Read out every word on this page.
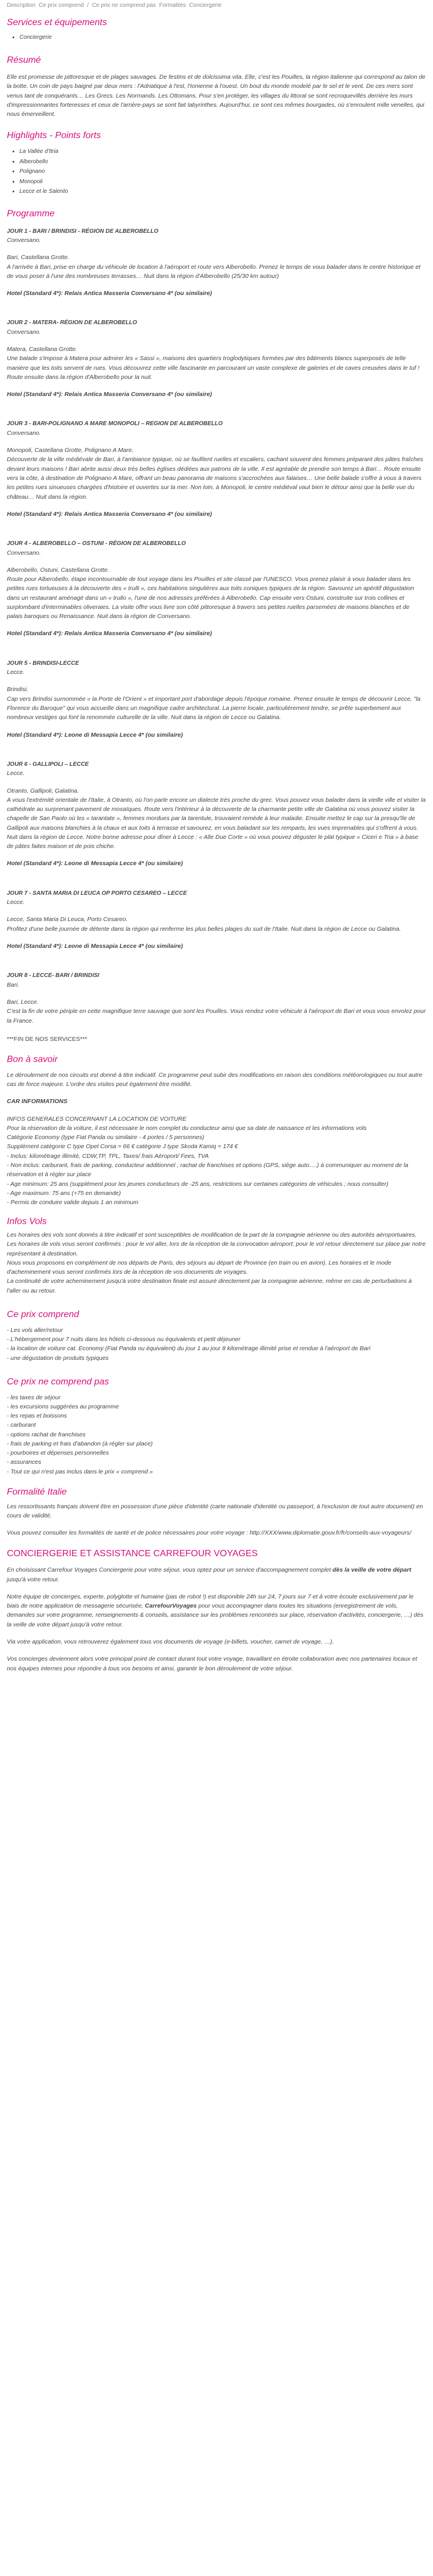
Description Ce prix comprend / Ce prix ne comprend pas Formalités Conciergerie
Services et équipements
• Conciergerie
Résumé

Elle est promesse de pittoresque et de plages sauvages. De festins et de dolcissima vita. Elle, c'est les Pouilles, la région italienne qui correspond au talon de la botte. Un coin de pays baigné par deux mers : l'Adriatique à l'est, l'Ionienne à l'ouest. Un bout du monde modelé par le sel et le vent. De ces mers sont venus tant de conquérants… Les Grecs. Les Normands. Les Ottomans. Pour s'en protéger, les villages du littoral se sont recroquevillés derrière les murs d'impressionnantes forteresses et ceux de l'arrière-pays se sont fait labyrinthes. Aujourd'hui, ce sont ces mêmes bourgades, où s'enroulent mille venelles, qui nous émerveillent.

Highlights - Points forts
• La Vallée d'Itria
• Alberobello
• Polignano
• Monopoli
• Lecce et le Salento
Programme
JOUR 1 - BARI / BRINDISI - RÉGION DE ALBEROBELLO

Conversano.

Bari, Castellana Grotte.

A l'arrivée à Bari, prise en charge du véhicule de location à l'aéroport et route vers Alberobello. Prenez le temps de vous balader dans le centre historique et de vous poser à l'une des nombreuses terrasses… Nuit dans la région d'Alberobello (25/30 km autour)

Hotel (Standard 4*): Relais Antica Masseria Conversano 4* (ou similaire)

JOUR 2 - MATERA- RÉGION DE ALBEROBELLO

Conversano.

Matera, Castellana Grotte.

Une balade s'impose à Matera pour admirer les « Sassi », maisons des quartiers troglodytiques formées par des bâtiments blancs superposés de telle manière que les toits servent de rues. Vous découvrez cette ville fascinante en parcourant un vaste complexe de galeries et de caves creusées dans le tuf ! Route ensuite dans la région d'Alberobello pour la nuit.

Hotel (Standard 4*): Relais Antica Masseria Conversano 4* (ou similaire)

JOUR 3 - BARI-POLIGNANO A MARE MONOPOLI – REGION DE ALBEROBELLO

Conversano.

Monopoli, Castellana Grotte, Polignano A Mare.

Découverte de la ville médiévale de Bari, à l'ambiance typique, où se faufilent ruelles et escaliers, cachant souvent des femmes préparant des pâtes fraîches devant leurs maisons ! Bari abrite aussi deux très belles églises dédiées aux patrons de la ville. Il est agréable de prendre son temps à Bari… Route ensuite vers la côte, à destination de Polignano A Mare, offrant un beau panorama de maisons s'accrochées aux falaises… Une belle balade s'offre à vous à travers les petites rues sinueuses chargées d'histoire et ouvertes sur la mer. Non loin, à Monopoli, le centre médiéval vaut bien le détour ainsi que la belle vue du château… Nuit dans la région.

Hotel (Standard 4*): Relais Antica Masseria Conversano 4* (ou similaire)

JOUR 4 - ALBEROBELLO – OSTUNI - RÉGION DE ALBEROBELLO

Conversano.

Alberobello, Ostuni, Castellana Grotte.

Route pour Alberobello, étape incontournable de tout voyage dans les Pouilles et site classé par l'UNESCO. Vous prenez plaisir à vous balader dans les petites rues tortueuses à la découverte des « trulli », ces habitations singulières aux toits coniques typiques de la région. Savourez un apéritif dégustation dans un restaurant aménagé dans un « trullo », l'une de nos adresses préférées à Alberobello. Cap ensuite vers Ostuni, construite sur trois collines et surplombant d'interminables oliveraies. La visite offre vous livre son côté pittoresque à travers ses petites ruelles parsemées de maisons blanches et de palais baroques ou Renaissance. Nuit dans la région de Conversano.

Hotel (Standard 4*): Relais Antica Masseria Conversano 4* (ou similaire)

JOUR 5 - BRINDISI-LECCE

Lecce.

Brindisi.

Cap vers Brindisi surnommée « la Porte de l'Orient » et important port d'abordage depuis l'époque romaine. Prenez ensuite le temps de découvrir Lecce, "la Florence du Baroque" qui vous accueille dans un magnifique cadre architectural. La pierre locale, particulièrement tendre, se prête superbement aux nombreux vestiges qui font la renommée culturelle de la ville. Nuit dans la région de Lecce ou Galatina.

Hotel (Standard 4*): Leone di Messapia Lecce 4* (ou similaire)

JOUR 6 - GALLIPOLI – LECCE

Lecce.

Otranto, Gallipoli, Galatina.

A vous l'extrémité orientale de l'Italie, à Otranto, où l'on parle encore un dialecte très proche du grec. Vous pouvez vous balader dans la vieille ville et visiter la cathédrale au surprenant pavement de mosaïques. Route vers l'intérieur à la découverte de la charmante petite ville de Galatina où vous pouvez visiter la chapelle de San Paolo où les « tarantate », femmes mordues par la tarentule, trouvaient remède à leur maladie. Ensuite mettez le cap sur la presqu'île de Gallipoli aux maisons blanchies à la chaux et aux toits à terrasse et savourez, en vous baladant sur les remparts, les vues imprenables qui s'offrent à vous. Nuit dans la région de Lecce. Notre bonne adresse pour dîner à Lecce : « Alle Due Corte » où vous pouvez déguster le plat typique « Ciceri e Tria » à base de pâtes faites maison et de pois chiche.

Hotel (Standard 4*): Leone di Messapia Lecce 4* (ou similaire)

JOUR 7 - SANTA MARIA DI LEUCA OP PORTO CESAREO – LECCE

Lecce.

Lecce, Santa Maria Di Leuca, Porto Cesareo.

Profitez d'une belle journée de détente dans la région qui renferme les plus belles plages du sud de l'Italie. Nuit dans la région de Lecce ou Galatina.

Hotel (Standard 4*): Leone di Messapia Lecce 4* (ou similaire)

JOUR 8 - LECCE- BARI / BRINDISI

Bari.

Bari, Lecce.

C'est la fin de votre périple en cette magnifique terre sauvage que sont les Pouilles. Vous rendez votre véhicule à l'aéroport de Bari et vous vous envolez pour la France.

***FIN DE NOS SERVICES***

Bon à savoir

Le déroulement de nos circuits est donné à titre indicatif. Ce programme peut subir des modifications en raison des conditions météorologiques ou tout autre cas de force majeure. L'ordre des visites peut également être modifié.

CAR INFORMATIONS

INFOS GENERALES CONCERNANT LA LOCATION DE VOITURE

Pour la réservation de la voiture, il est nécessaire le nom complet du conducteur ainsi que sa date de naissance et les informations vols

Catégorie Economy (type Fiat Panda ou similaire - 4 portes / 5 personnes)

Supplément catégorie C type Opel Corsa = 66 € catégorie J type Skoda Kamiq = 174 €

- Inclus: kilométrage illimité, CDW,TP, TPL, Taxes/ frais Aéroport/ Fees, TVA

- Non inclus: carburant, frais de parking, conducteur additionnel ; rachat de franchises et options (GPS, siège auto….) à communiquer au moment de la réservation et à régler sur place

- Age minimum: 25 ans (supplément pour les jeunes conducteurs de -25 ans, restrictions sur certaines catégories de véhicules ; nous consulter)

- Age maximum: 75 ans (+75 en demande)

- Permis de conduire valide depuis 1 an minimum

Infos Vols

Les horaires des vols sont donnés à titre indicatif et sont susceptibles de modification de la part de la compagnie aérienne ou des autorités aéroportuaires.

Les horaires de vols vous seront confirmés : pour le vol aller, lors de la réception de la convocation aéroport; pour le vol retour directement sur place par notre représentant à destination.

Nous vous proposons en complément de nos départs de Paris, des séjours au départ de Province (en train ou en avion). Les horaires et le mode d'acheminement vous seront confirmés lors de la réception de vos documents de voyages.

La continuité de votre acheminement jusqu'à votre destination finale est assuré directement par la compagnie aérienne, même en cas de perturbations à l'aller ou au retour.

Ce prix comprend

- Les vols aller/retour

- L'hébergement pour 7 nuits dans les hôtels ci-dessous ou équivalents et petit déjeuner

- la location de voiture cat. Economy (Fiat Panda ou équivalent) du jour 1 au jour 8 kilométrage illimité prise et rendue à l'aéroport de Bari

- une dégustation de produits typiques

Ce prix ne comprend pas

- les taxes de séjour

- les excursions suggérées au programme

- les repas et boissons

- carburant

- options rachat de franchises

- frais de parking et frais d'abandon (à régler sur place)

- pourboires et dépenses personnelles

- assurances

- Tout ce qui n'est pas inclus dans le prix « comprend »

Formalité Italie

Les ressortissants français doivent être en possession d'une pièce d'identité (carte nationale d'identité ou passeport, à l'exclusion de tout autre document) en cours de validité.

Vous pouvez consulter les formalités de santé et de police nécessaires pour votre voyage : http://XXX/www.diplomatie.gouv.fr/fr/conseils-aux-voyageurs/

CONCIERGERIE ET ASSISTANCE CARREFOUR VOYAGES

En choisissant Carrefour Voyages Conciergerie pour votre séjour, vous optez pour un service d'accompagnement complet dès la veille de votre départ jusqu'à votre retour.

Notre équipe de concierges, experte, polyglotte et humaine (pas de robot !) est disponible 24h sur 24, 7 jours sur 7 et à votre écoute exclusivement par le biais de notre application de messagerie sécurisée, CarrefourVoyages pour vous accompagner dans toutes les situations (enregistrement de vols, demandes sur votre programme, renseignements & conseils, assistance sur les problèmes rencontrés sur place, réservation d'activités, conciergerie, …) dès la veille de votre départ jusqu'à votre retour.

Via votre application, vous retrouverez également tous vos documents de voyage (e-billets, voucher, carnet de voyage, …).

Vos concierges deviennent alors votre principal point de contact durant tout votre voyage, travaillant en étroite collaboration avec nos partenaires locaux et nos équipes internes pour répondre à tous vos besoins et ainsi, garantir le bon déroulement de votre séjour.
